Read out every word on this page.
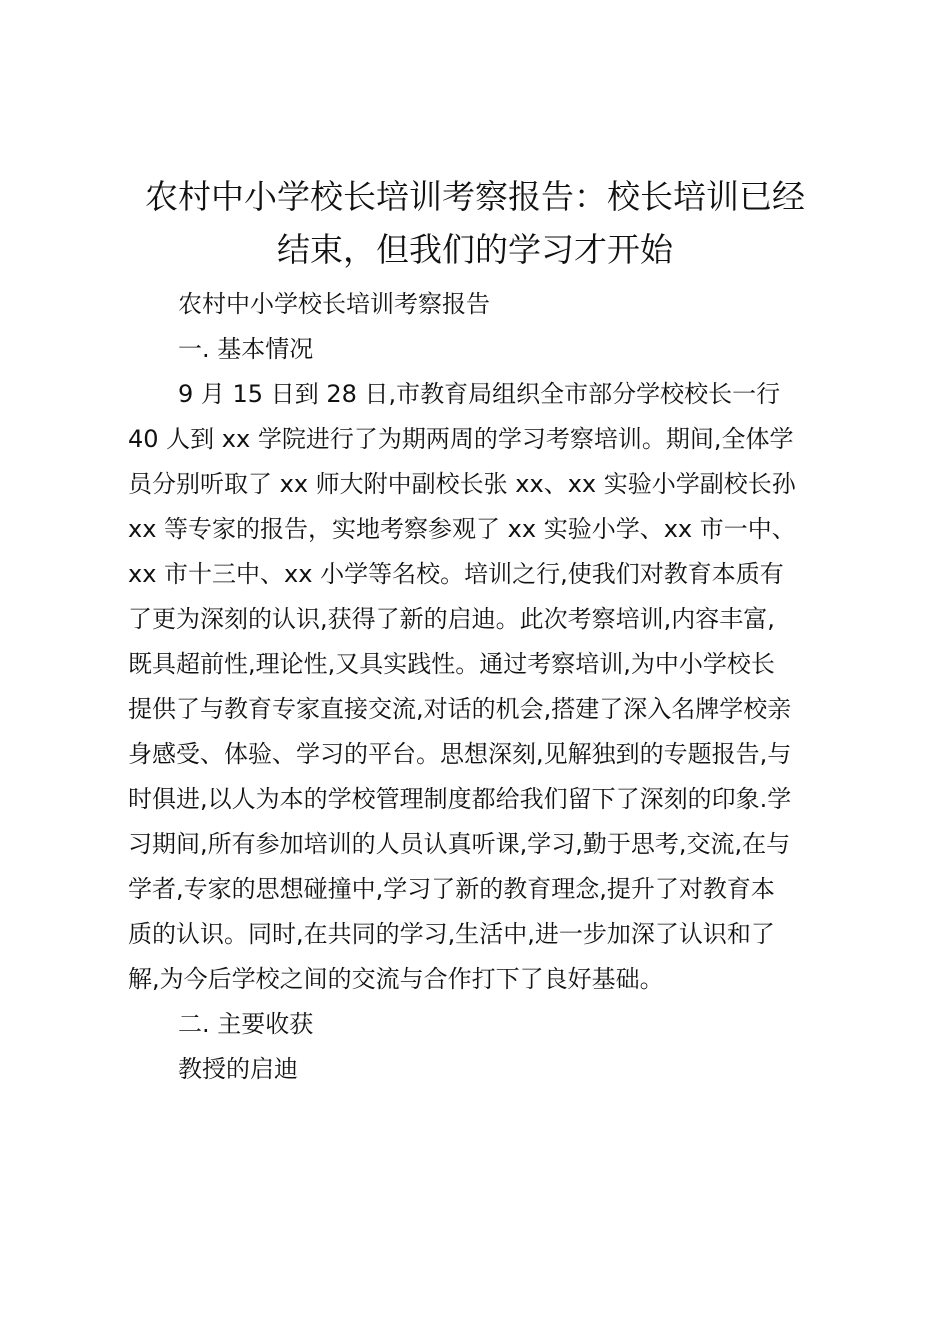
农村中小学校长培训考察报告：校长培训已经
结束，但我们的学习才开始
农村中小学校长培训考察报告
一. 基本情况
9 月 15 日到 28 日,市教育局组织全市部分学校校长一行
40 人到 xx 学院进行了为期两周的学习考察培训。期间,全体学
员分别听取了 xx 师大附中副校长张 xx、xx 实验小学副校长孙
xx 等专家的报告，实地考察参观了 xx 实验小学、xx 市一中、
xx 市十三中、xx 小学等名校。培训之行,使我们对教育本质有
了更为深刻的认识,获得了新的启迪。此次考察培训,内容丰富,
既具超前性,理论性,又具实践性。通过考察培训,为中小学校长
提供了与教育专家直接交流,对话的机会,搭建了深入名牌学校亲
身感受、体验、学习的平台。思想深刻,见解独到的专题报告,与
时俱进,以人为本的学校管理制度都给我们留下了深刻的印象.学
习期间,所有参加培训的人员认真听课,学习,勤于思考,交流,在与
学者,专家的思想碰撞中,学习了新的教育理念,提升了对教育本
质的认识。同时,在共同的学习,生活中,进一步加深了认识和了
解,为今后学校之间的交流与合作打下了良好基础。
二. 主要收获
教授的启迪
